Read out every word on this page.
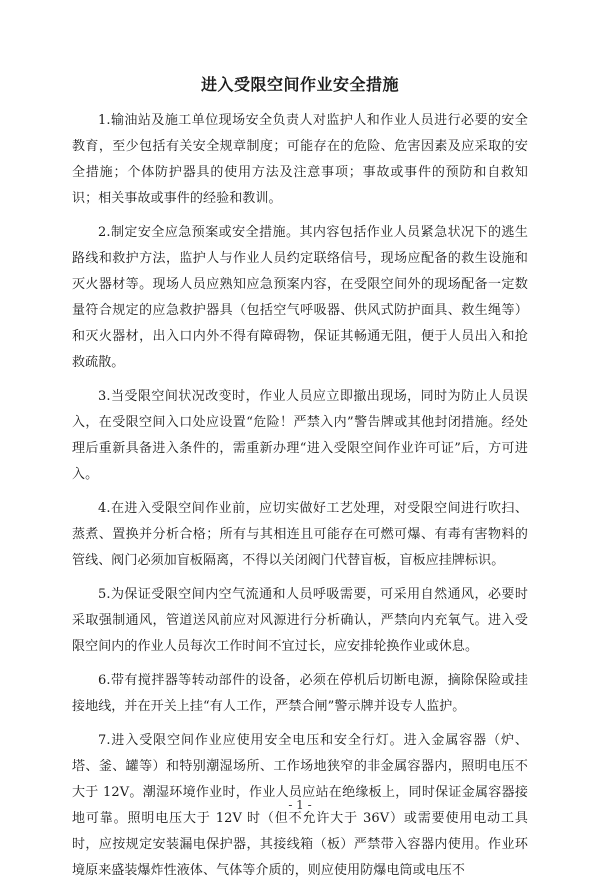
进入受限空间作业安全措施

1.输油站及施工单位现场安全负责人对监护人和作业人员进行必要的安全教育，至少包括有关安全规章制度；可能存在的危险、危害因素及应采取的安全措施；个体防护器具的使用方法及注意事项；事故或事件的预防和自救知识；相关事故或事件的经验和教训。

2.制定安全应急预案或安全措施。其内容包括作业人员紧急状况下的逃生路线和救护方法，监护人与作业人员约定联络信号，现场应配备的救生设施和灭火器材等。现场人员应熟知应急预案内容，在受限空间外的现场配备一定数量符合规定的应急救护器具（包括空气呼吸器、供风式防护面具、救生绳等）和灭火器材，出入口内外不得有障碍物，保证其畅通无阻，便于人员出入和抢救疏散。

3.当受限空间状况改变时，作业人员应立即撤出现场，同时为防止人员误入，在受限空间入口处应设置“危险！严禁入内”警告牌或其他封闭措施。经处理后重新具备进入条件的，需重新办理“进入受限空间作业许可证”后，方可进入。

4.在进入受限空间作业前，应切实做好工艺处理，对受限空间进行吹扫、蒸煮、置换并分析合格；所有与其相连且可能存在可燃可爆、有毒有害物料的管线、阀门必须加盲板隔离，不得以关闭阀门代替盲板，盲板应挂牌标识。

5.为保证受限空间内空气流通和人员呼吸需要，可采用自然通风，必要时采取强制通风，管道送风前应对风源进行分析确认，严禁向内充氧气。进入受限空间内的作业人员每次工作时间不宜过长，应安排轮换作业或休息。

6.带有搅拌器等转动部件的设备，必须在停机后切断电源，摘除保险或挂接地线，并在开关上挂“有人工作，严禁合闸”警示牌并设专人监护。

7.进入受限空间作业应使用安全电压和安全行灯。进入金属容器（炉、塔、釜、罐等）和特别潮湿场所、工作场地狭窄的非金属容器内，照明电压不大于 12V。潮湿环境作业时，作业人员应站在绝缘板上，同时保证金属容器接地可靠。照明电压大于 12V 时（但不允许大于 36V）或需要使用电动工具时，应按规定安装漏电保护器，其接线箱（板）严禁带入容器内使用。作业环境原来盛装爆炸性液体、气体等介质的，则应使用防爆电筒或电压不

- 1 -
